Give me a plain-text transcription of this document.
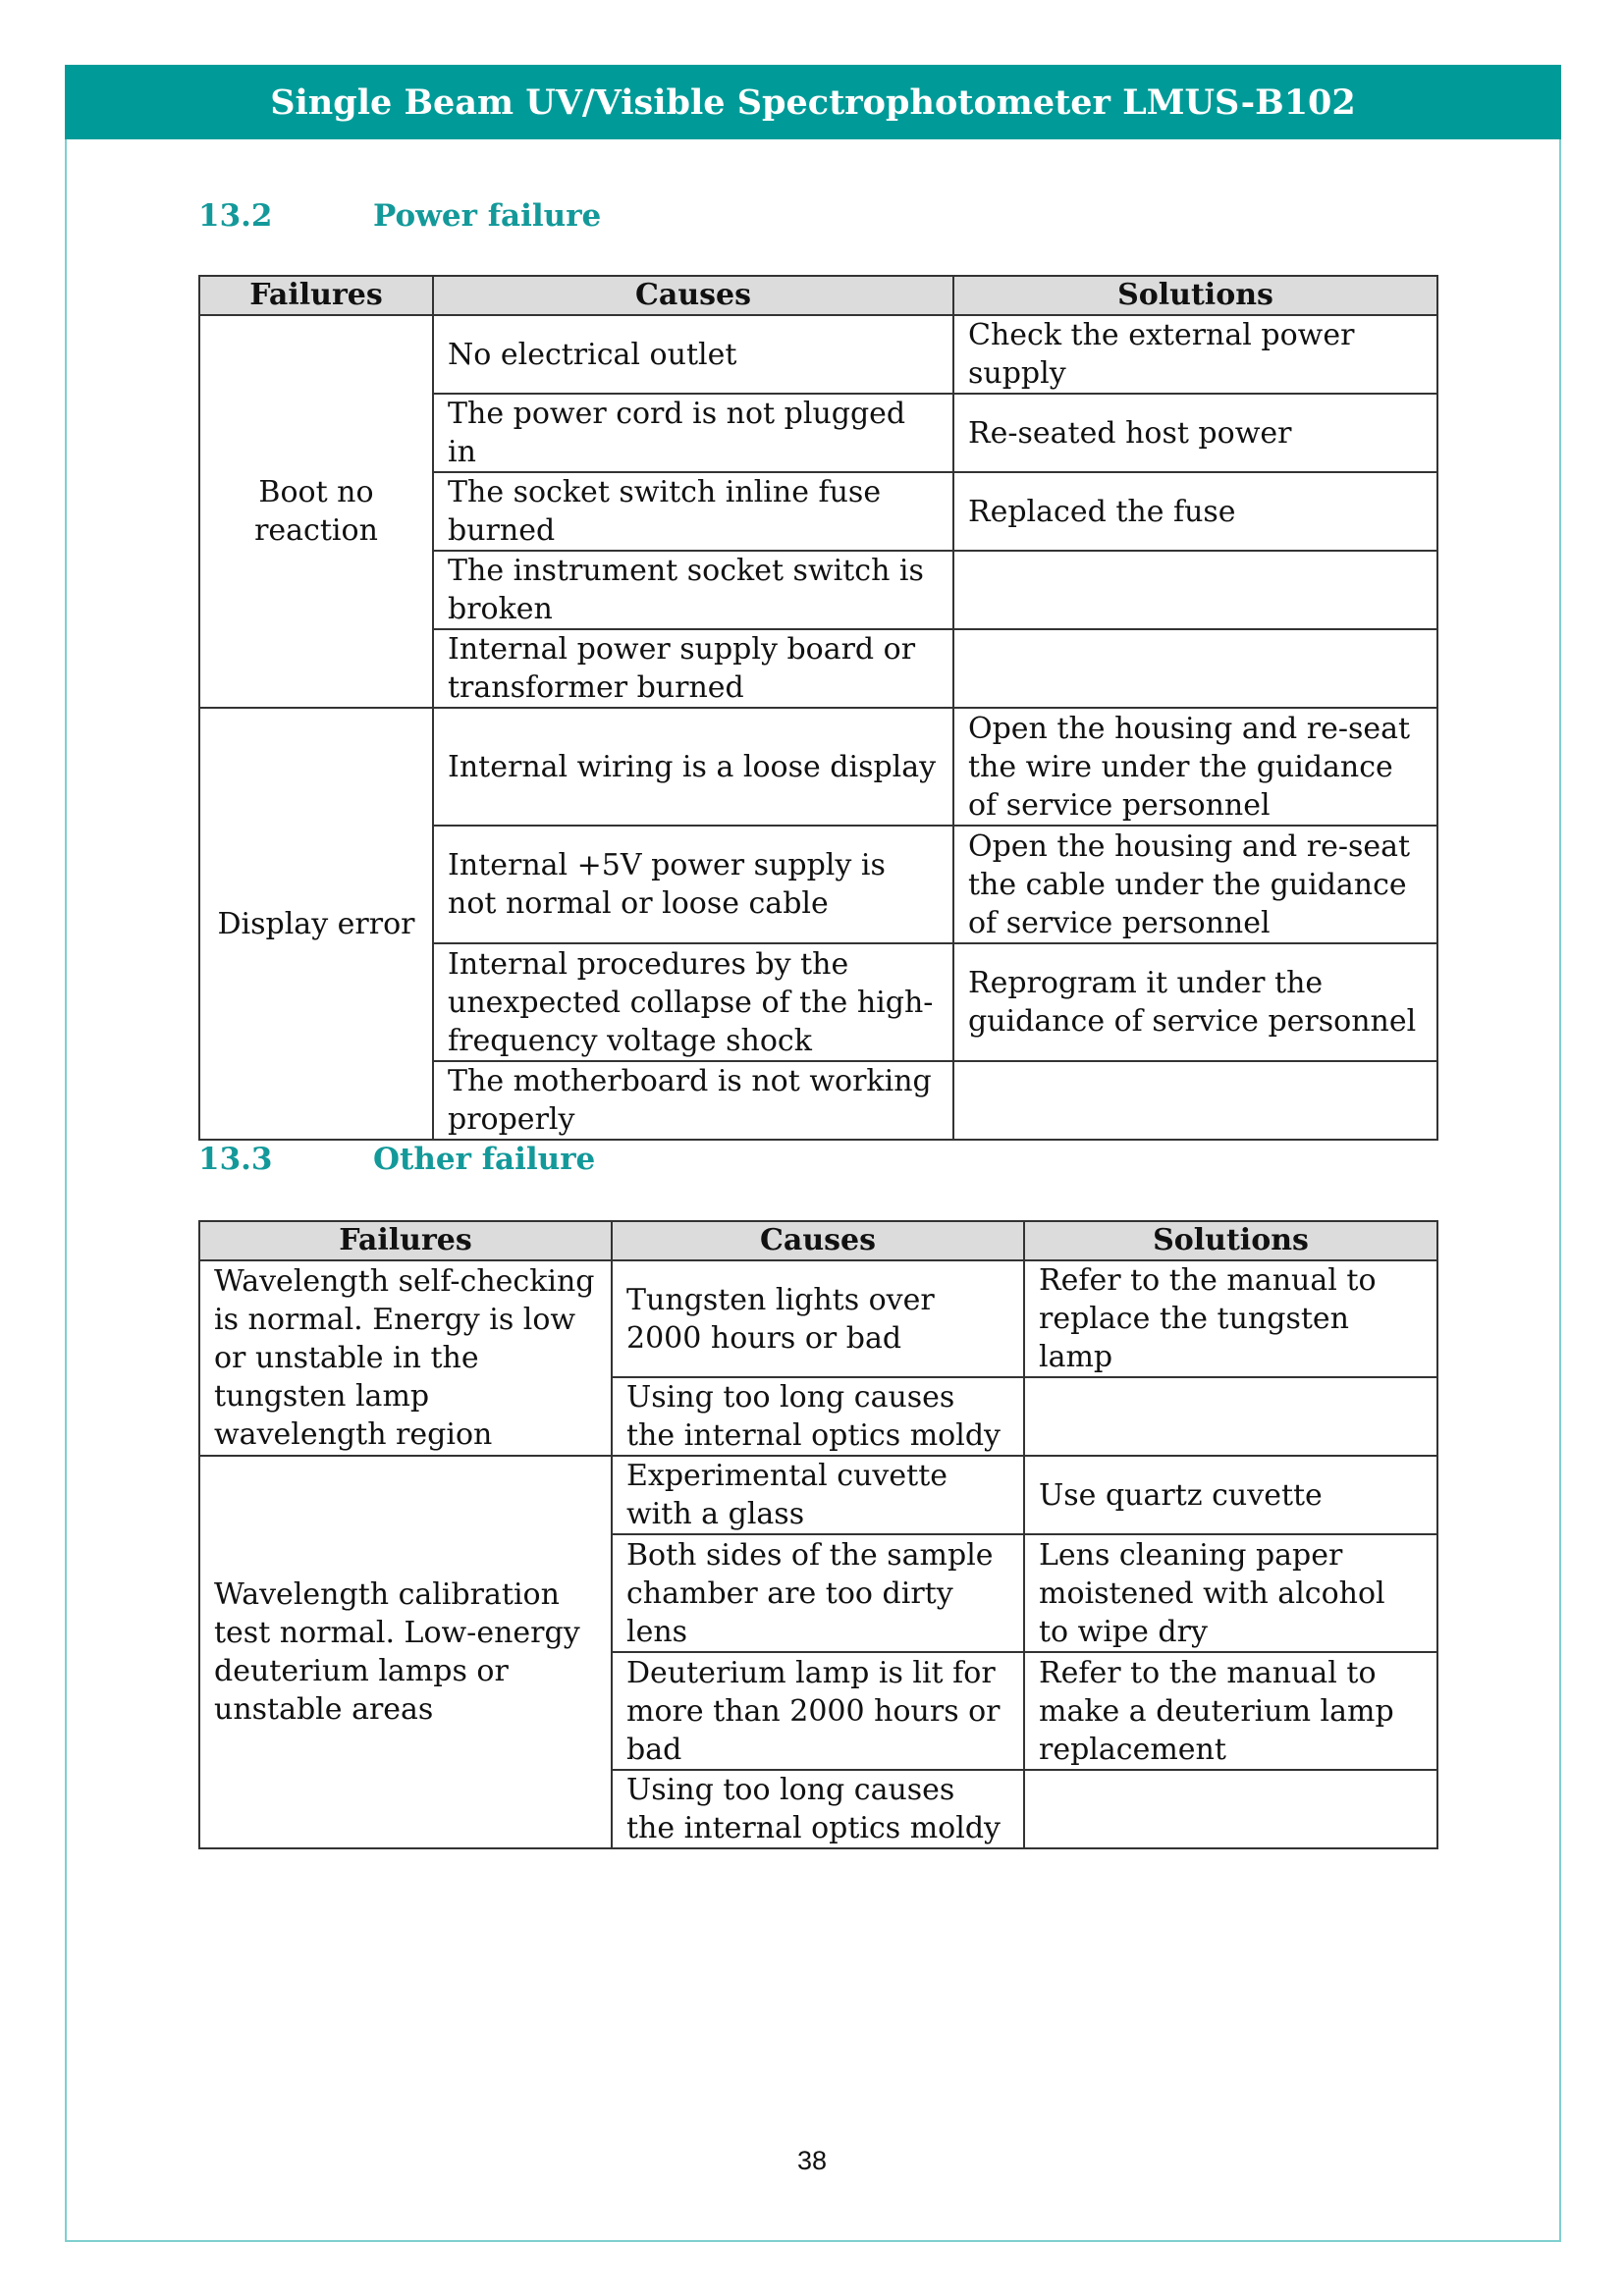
Single Beam UV/Visible Spectrophotometer LMUS-B102
13.2	Power failure
Failures	Causes	Solutions
Boot no reaction	No electrical outlet	Check the external power supply
	The power cord is not plugged in	Re-seated host power
	The socket switch inline fuse burned	Replaced the fuse
	The instrument socket switch is broken	
	Internal power supply board or transformer burned	
Display error	Internal wiring is a loose display	Open the housing and re-seat the wire under the guidance of service personnel
	Internal +5V power supply is not normal or loose cable	Open the housing and re-seat the cable under the guidance of service personnel
	Internal procedures by the unexpected collapse of the high-frequency voltage shock	Reprogram it under the guidance of service personnel
	The motherboard is not working properly	
13.3	Other failure
Failures	Causes	Solutions
Wavelength self-checking is normal. Energy is low or unstable in the tungsten lamp wavelength region	Tungsten lights over 2000 hours or bad	Refer to the manual to replace the tungsten lamp
	Using too long causes the internal optics moldy	
Wavelength calibration test normal. Low-energy deuterium lamps or unstable areas	Experimental cuvette with a glass	Use quartz cuvette
	Both sides of the sample chamber are too dirty lens	Lens cleaning paper moistened with alcohol to wipe dry
	Deuterium lamp is lit for more than 2000 hours or bad	Refer to the manual to make a deuterium lamp replacement
	Using too long causes the internal optics moldy	
38
